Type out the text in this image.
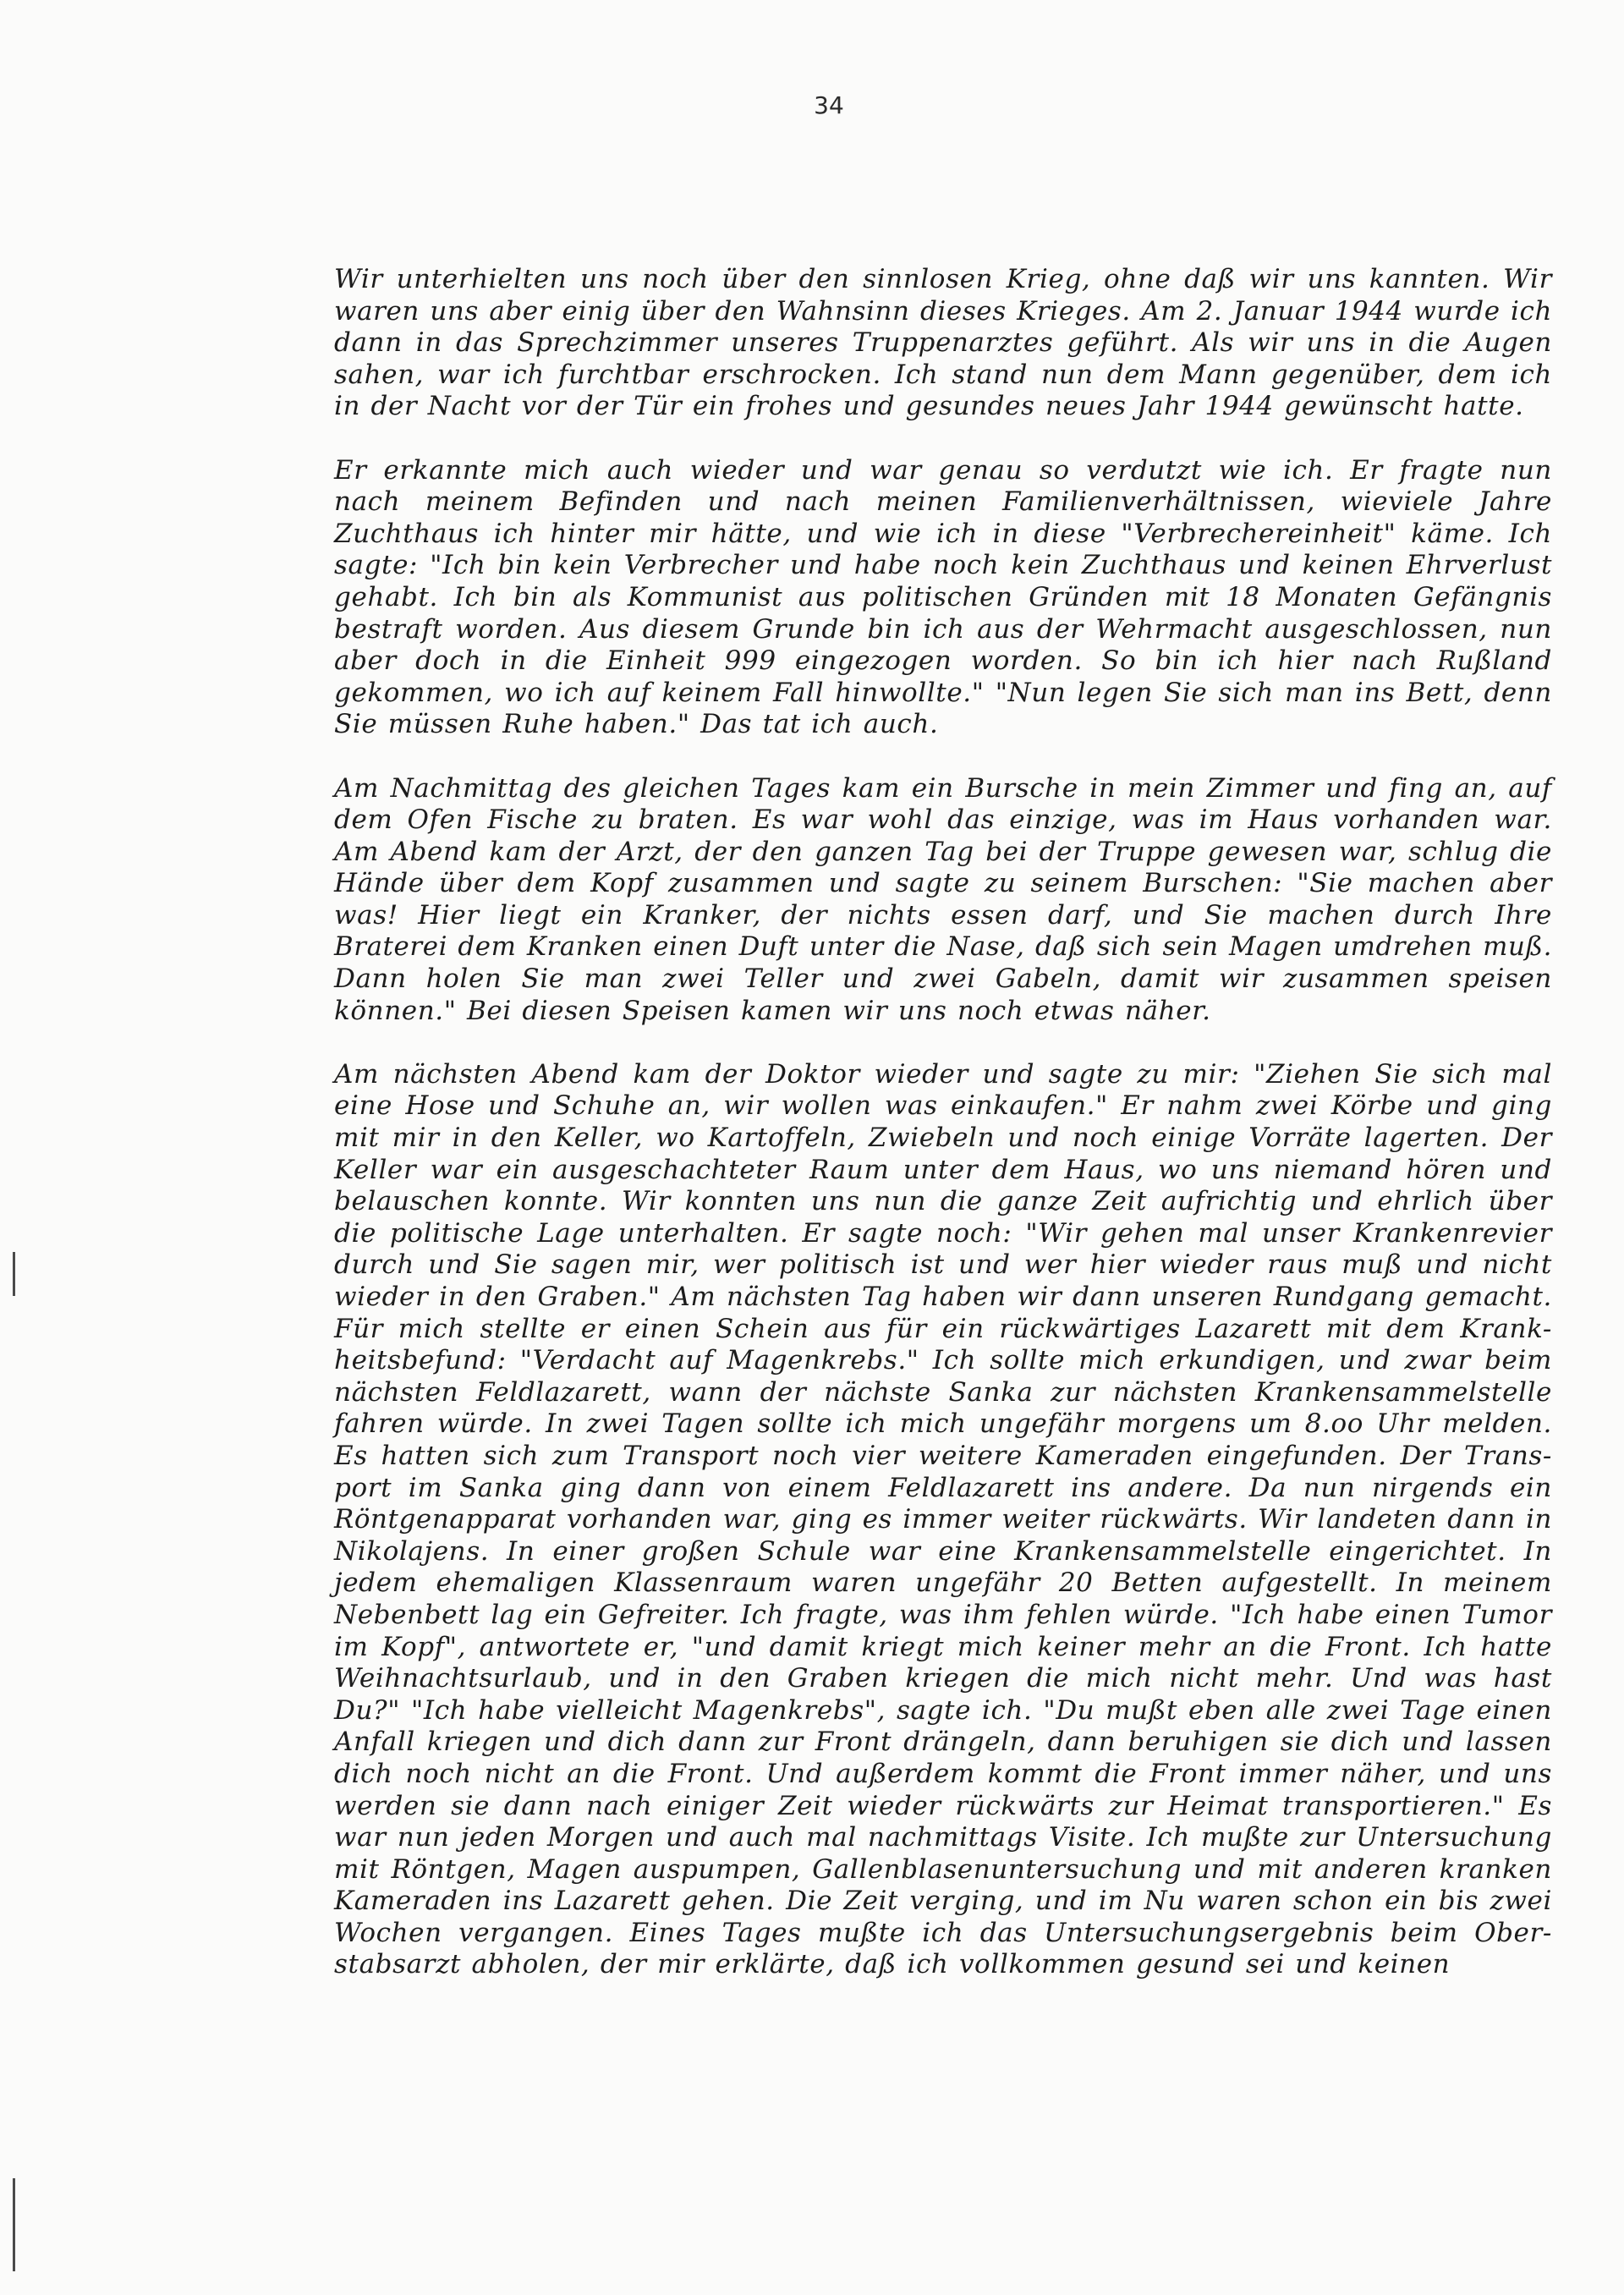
34
Wir unterhielten uns noch über den sinnlosen Krieg, ohne daß wir uns kannten. Wir
waren uns aber einig über den Wahnsinn dieses Krieges. Am 2. Januar 1944 wurde ich
dann in das Sprechzimmer unseres Truppenarztes geführt. Als wir uns in die Augen
sahen, war ich furchtbar erschrocken. Ich stand nun dem Mann gegenüber, dem ich
in der Nacht vor der Tür ein frohes und gesundes neues Jahr 1944 gewünscht hatte.
Er erkannte mich auch wieder und war genau so verdutzt wie ich. Er fragte nun
nach meinem Befinden und nach meinen Familienverhältnissen, wieviele Jahre
Zuchthaus ich hinter mir hätte, und wie ich in diese "Verbrechereinheit" käme. Ich
sagte: "Ich bin kein Verbrecher und habe noch kein Zuchthaus und keinen Ehrverlust
gehabt. Ich bin als Kommunist aus politischen Gründen mit 18 Monaten Gefängnis
bestraft worden. Aus diesem Grunde bin ich aus der Wehrmacht ausgeschlossen, nun
aber doch in die Einheit 999 eingezogen worden. So bin ich hier nach Rußland
gekommen, wo ich auf keinem Fall hinwollte." "Nun legen Sie sich man ins Bett, denn
Sie müssen Ruhe haben." Das tat ich auch.
Am Nachmittag des gleichen Tages kam ein Bursche in mein Zimmer und fing an, auf
dem Ofen Fische zu braten. Es war wohl das einzige, was im Haus vorhanden war.
Am Abend kam der Arzt, der den ganzen Tag bei der Truppe gewesen war, schlug die
Hände über dem Kopf zusammen und sagte zu seinem Burschen: "Sie machen aber
was! Hier liegt ein Kranker, der nichts essen darf, und Sie machen durch Ihre
Braterei dem Kranken einen Duft unter die Nase, daß sich sein Magen umdrehen muß.
Dann holen Sie man zwei Teller und zwei Gabeln, damit wir zusammen speisen
können." Bei diesen Speisen kamen wir uns noch etwas näher.
Am nächsten Abend kam der Doktor wieder und sagte zu mir: "Ziehen Sie sich mal
eine Hose und Schuhe an, wir wollen was einkaufen." Er nahm zwei Körbe und ging
mit mir in den Keller, wo Kartoffeln, Zwiebeln und noch einige Vorräte lagerten. Der
Keller war ein ausgeschachteter Raum unter dem Haus, wo uns niemand hören und
belauschen konnte. Wir konnten uns nun die ganze Zeit aufrichtig und ehrlich über
die politische Lage unterhalten. Er sagte noch: "Wir gehen mal unser Krankenrevier
durch und Sie sagen mir, wer politisch ist und wer hier wieder raus muß und nicht
wieder in den Graben." Am nächsten Tag haben wir dann unseren Rundgang gemacht.
Für mich stellte er einen Schein aus für ein rückwärtiges Lazarett mit dem Krank-
heitsbefund: "Verdacht auf Magenkrebs." Ich sollte mich erkundigen, und zwar beim
nächsten Feldlazarett, wann der nächste Sanka zur nächsten Krankensammelstelle
fahren würde. In zwei Tagen sollte ich mich ungefähr morgens um 8.oo Uhr melden.
Es hatten sich zum Transport noch vier weitere Kameraden eingefunden. Der Trans-
port im Sanka ging dann von einem Feldlazarett ins andere. Da nun nirgends ein
Röntgenapparat vorhanden war, ging es immer weiter rückwärts. Wir landeten dann in
Nikolajens. In einer großen Schule war eine Krankensammelstelle eingerichtet. In
jedem ehemaligen Klassenraum waren ungefähr 20 Betten aufgestellt. In meinem
Nebenbett lag ein Gefreiter. Ich fragte, was ihm fehlen würde. "Ich habe einen Tumor
im Kopf", antwortete er, "und damit kriegt mich keiner mehr an die Front. Ich hatte
Weihnachtsurlaub, und in den Graben kriegen die mich nicht mehr. Und was hast
Du?" "Ich habe vielleicht Magenkrebs", sagte ich. "Du mußt eben alle zwei Tage einen
Anfall kriegen und dich dann zur Front drängeln, dann beruhigen sie dich und lassen
dich noch nicht an die Front. Und außerdem kommt die Front immer näher, und uns
werden sie dann nach einiger Zeit wieder rückwärts zur Heimat transportieren." Es
war nun jeden Morgen und auch mal nachmittags Visite. Ich mußte zur Untersuchung
mit Röntgen, Magen auspumpen, Gallenblasenuntersuchung und mit anderen kranken
Kameraden ins Lazarett gehen. Die Zeit verging, und im Nu waren schon ein bis zwei
Wochen vergangen. Eines Tages mußte ich das Untersuchungsergebnis beim Ober-
stabsarzt abholen, der mir erklärte, daß ich vollkommen gesund sei und keinen
